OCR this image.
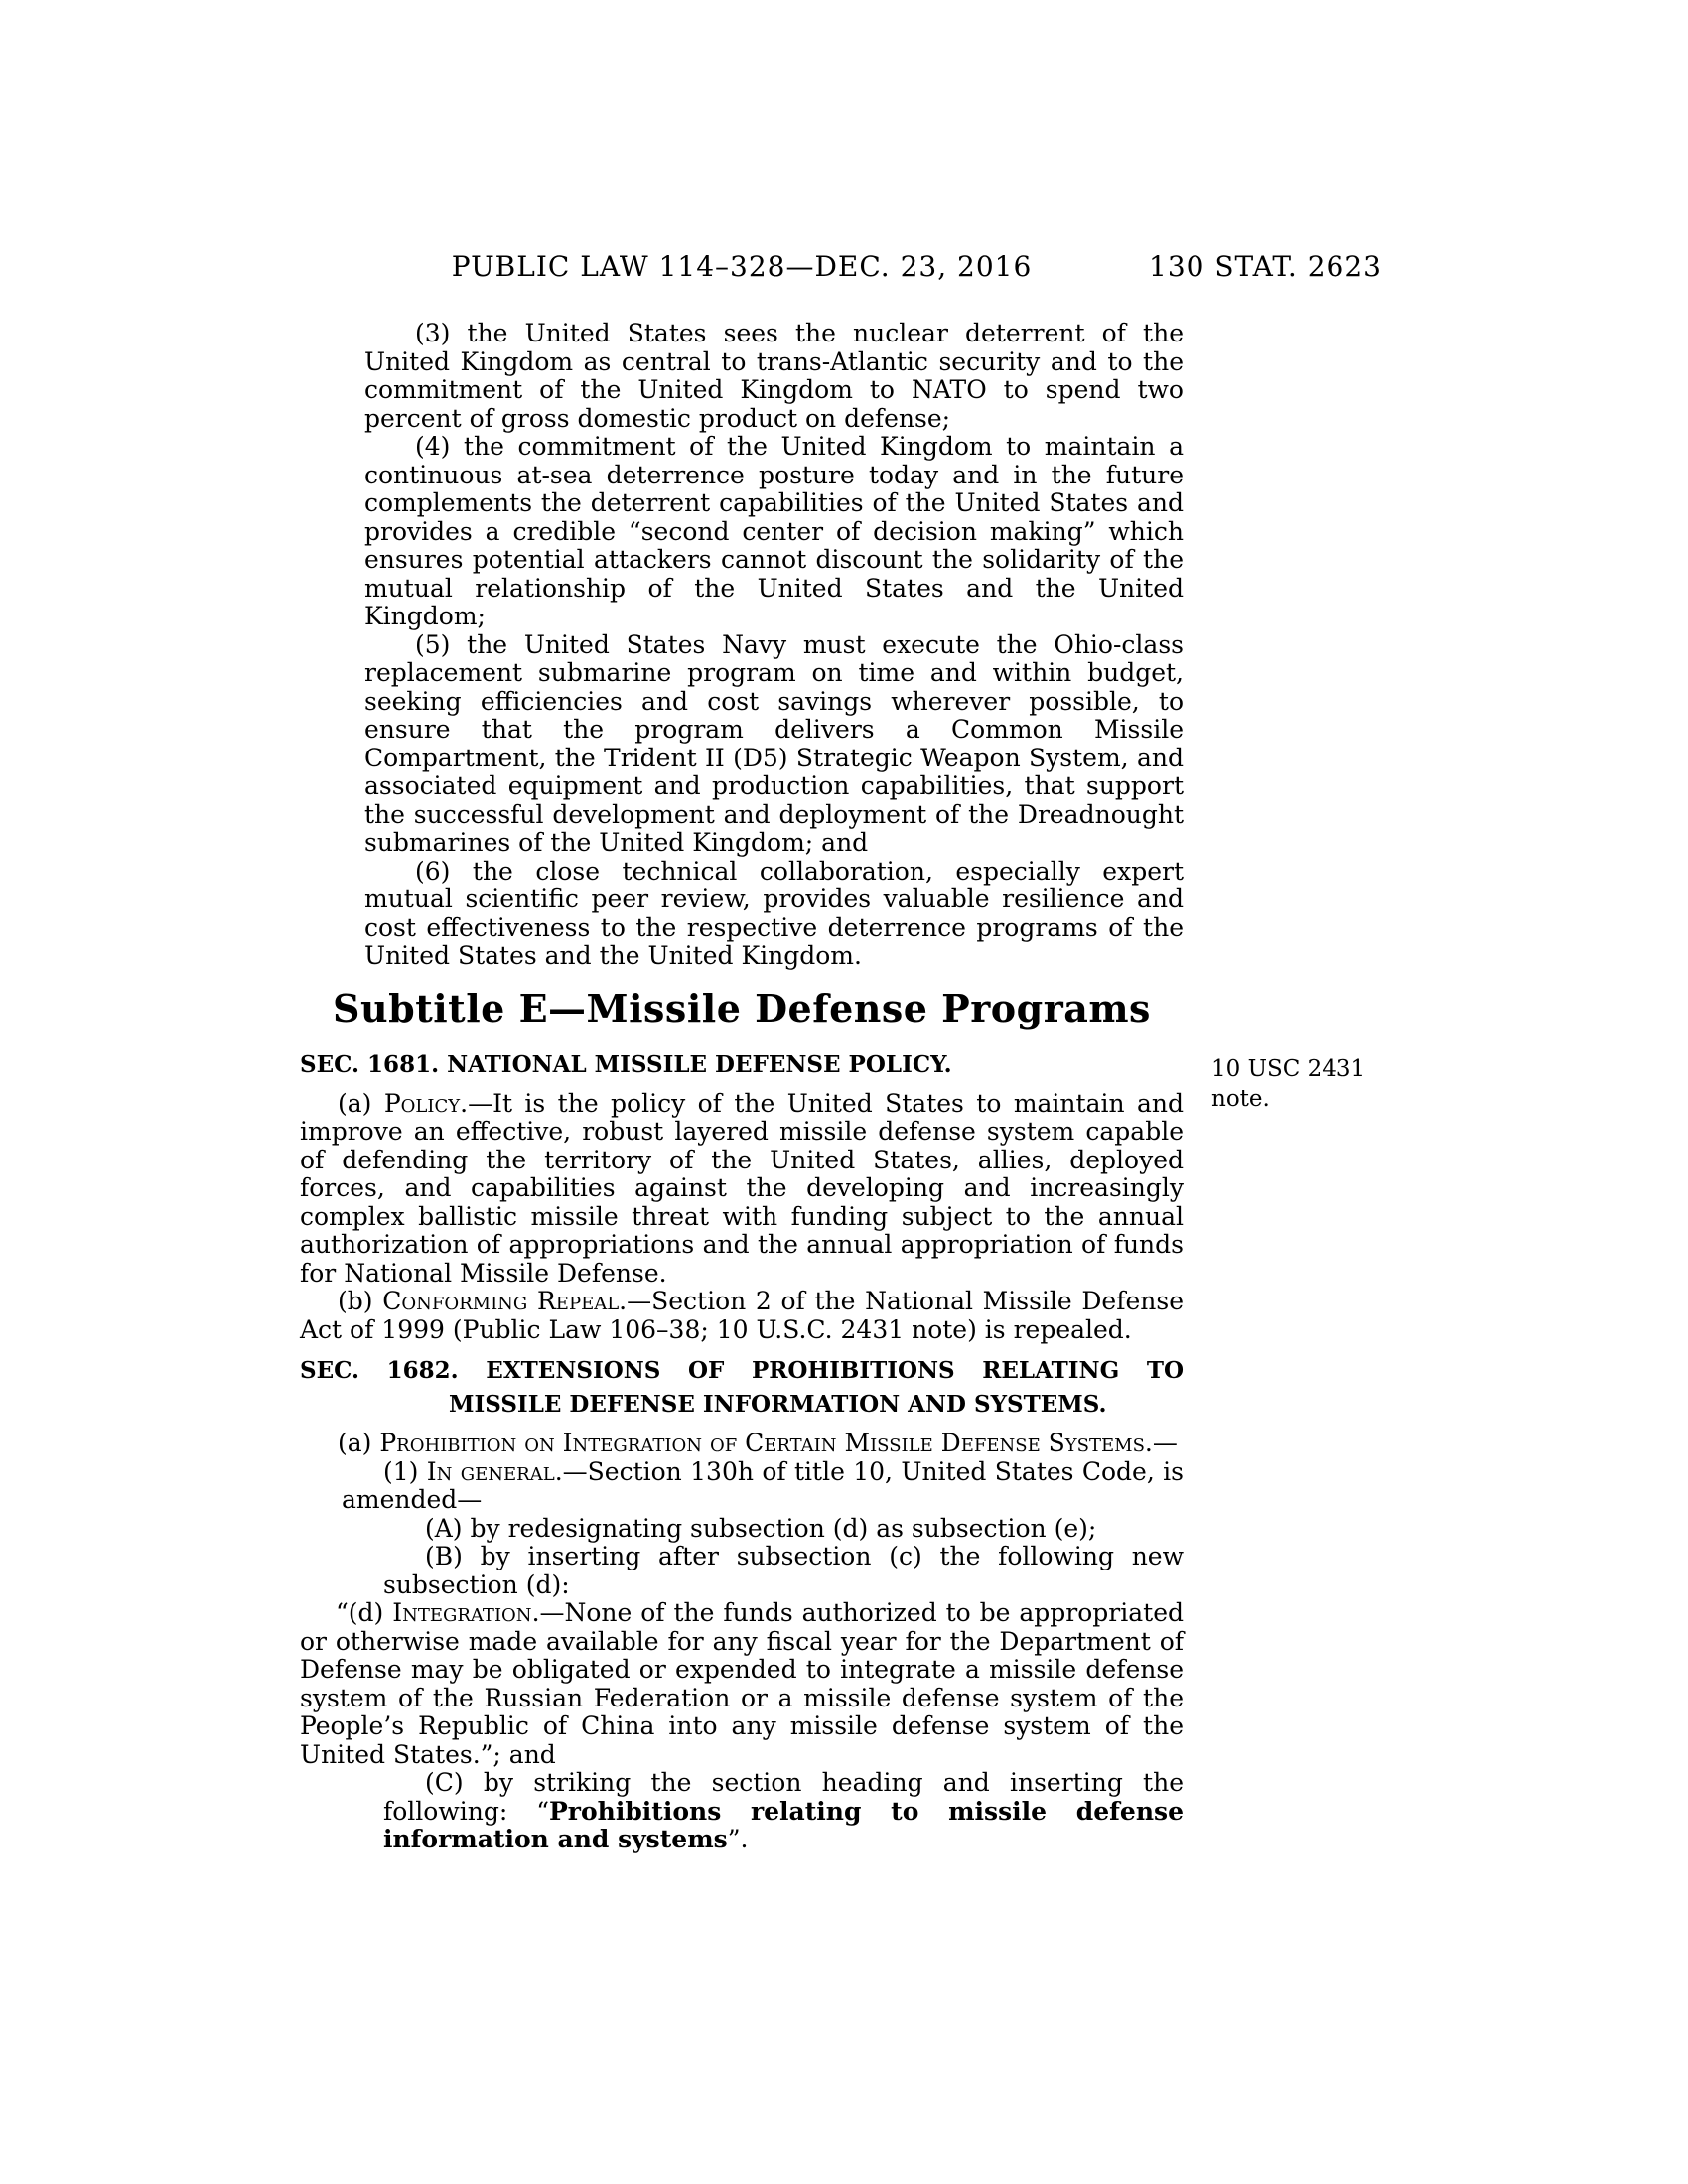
PUBLIC LAW 114–328—DEC. 23, 2016	130 STAT. 2623

(3) the United States sees the nuclear deterrent of the United Kingdom as central to trans-Atlantic security and to the commitment of the United Kingdom to NATO to spend two percent of gross domestic product on defense;

(4) the commitment of the United Kingdom to maintain a continuous at-sea deterrence posture today and in the future complements the deterrent capabilities of the United States and provides a credible “second center of decision making” which ensures potential attackers cannot discount the solidarity of the mutual relationship of the United States and the United Kingdom;

(5) the United States Navy must execute the Ohio-class replacement submarine program on time and within budget, seeking efficiencies and cost savings wherever possible, to ensure that the program delivers a Common Missile Compartment, the Trident II (D5) Strategic Weapon System, and associated equipment and production capabilities, that support the successful development and deployment of the Dreadnought submarines of the United Kingdom; and

(6) the close technical collaboration, especially expert mutual scientific peer review, provides valuable resilience and cost effectiveness to the respective deterrence programs of the United States and the United Kingdom.

Subtitle E—Missile Defense Programs
SEC. 1681. NATIONAL MISSILE DEFENSE POLICY.

(a) Policy.—It is the policy of the United States to maintain and improve an effective, robust layered missile defense system capable of defending the territory of the United States, allies, deployed forces, and capabilities against the developing and increasingly complex ballistic missile threat with funding subject to the annual authorization of appropriations and the annual appropriation of funds for National Missile Defense.

(b) Conforming Repeal.—Section 2 of the National Missile Defense Act of 1999 (Public Law 106–38; 10 U.S.C. 2431 note) is repealed.

SEC. 1682. EXTENSIONS OF PROHIBITIONS RELATING TO MISSILE DEFENSE INFORMATION AND SYSTEMS.

(a) Prohibition on Integration of Certain Missile Defense Systems.—

(1) In general.—Section 130h of title 10, United States Code, is amended—

(A) by redesignating subsection (d) as subsection (e);

(B) by inserting after subsection (c) the following new subsection (d):

“(d) Integration.—None of the funds authorized to be appropriated or otherwise made available for any fiscal year for the Department of Defense may be obligated or expended to integrate a missile defense system of the Russian Federation or a missile defense system of the People’s Republic of China into any missile defense system of the United States.”; and

(C) by striking the section heading and inserting the following: “Prohibitions relating to missile defense information and systems”.

10 USC 2431 note.
